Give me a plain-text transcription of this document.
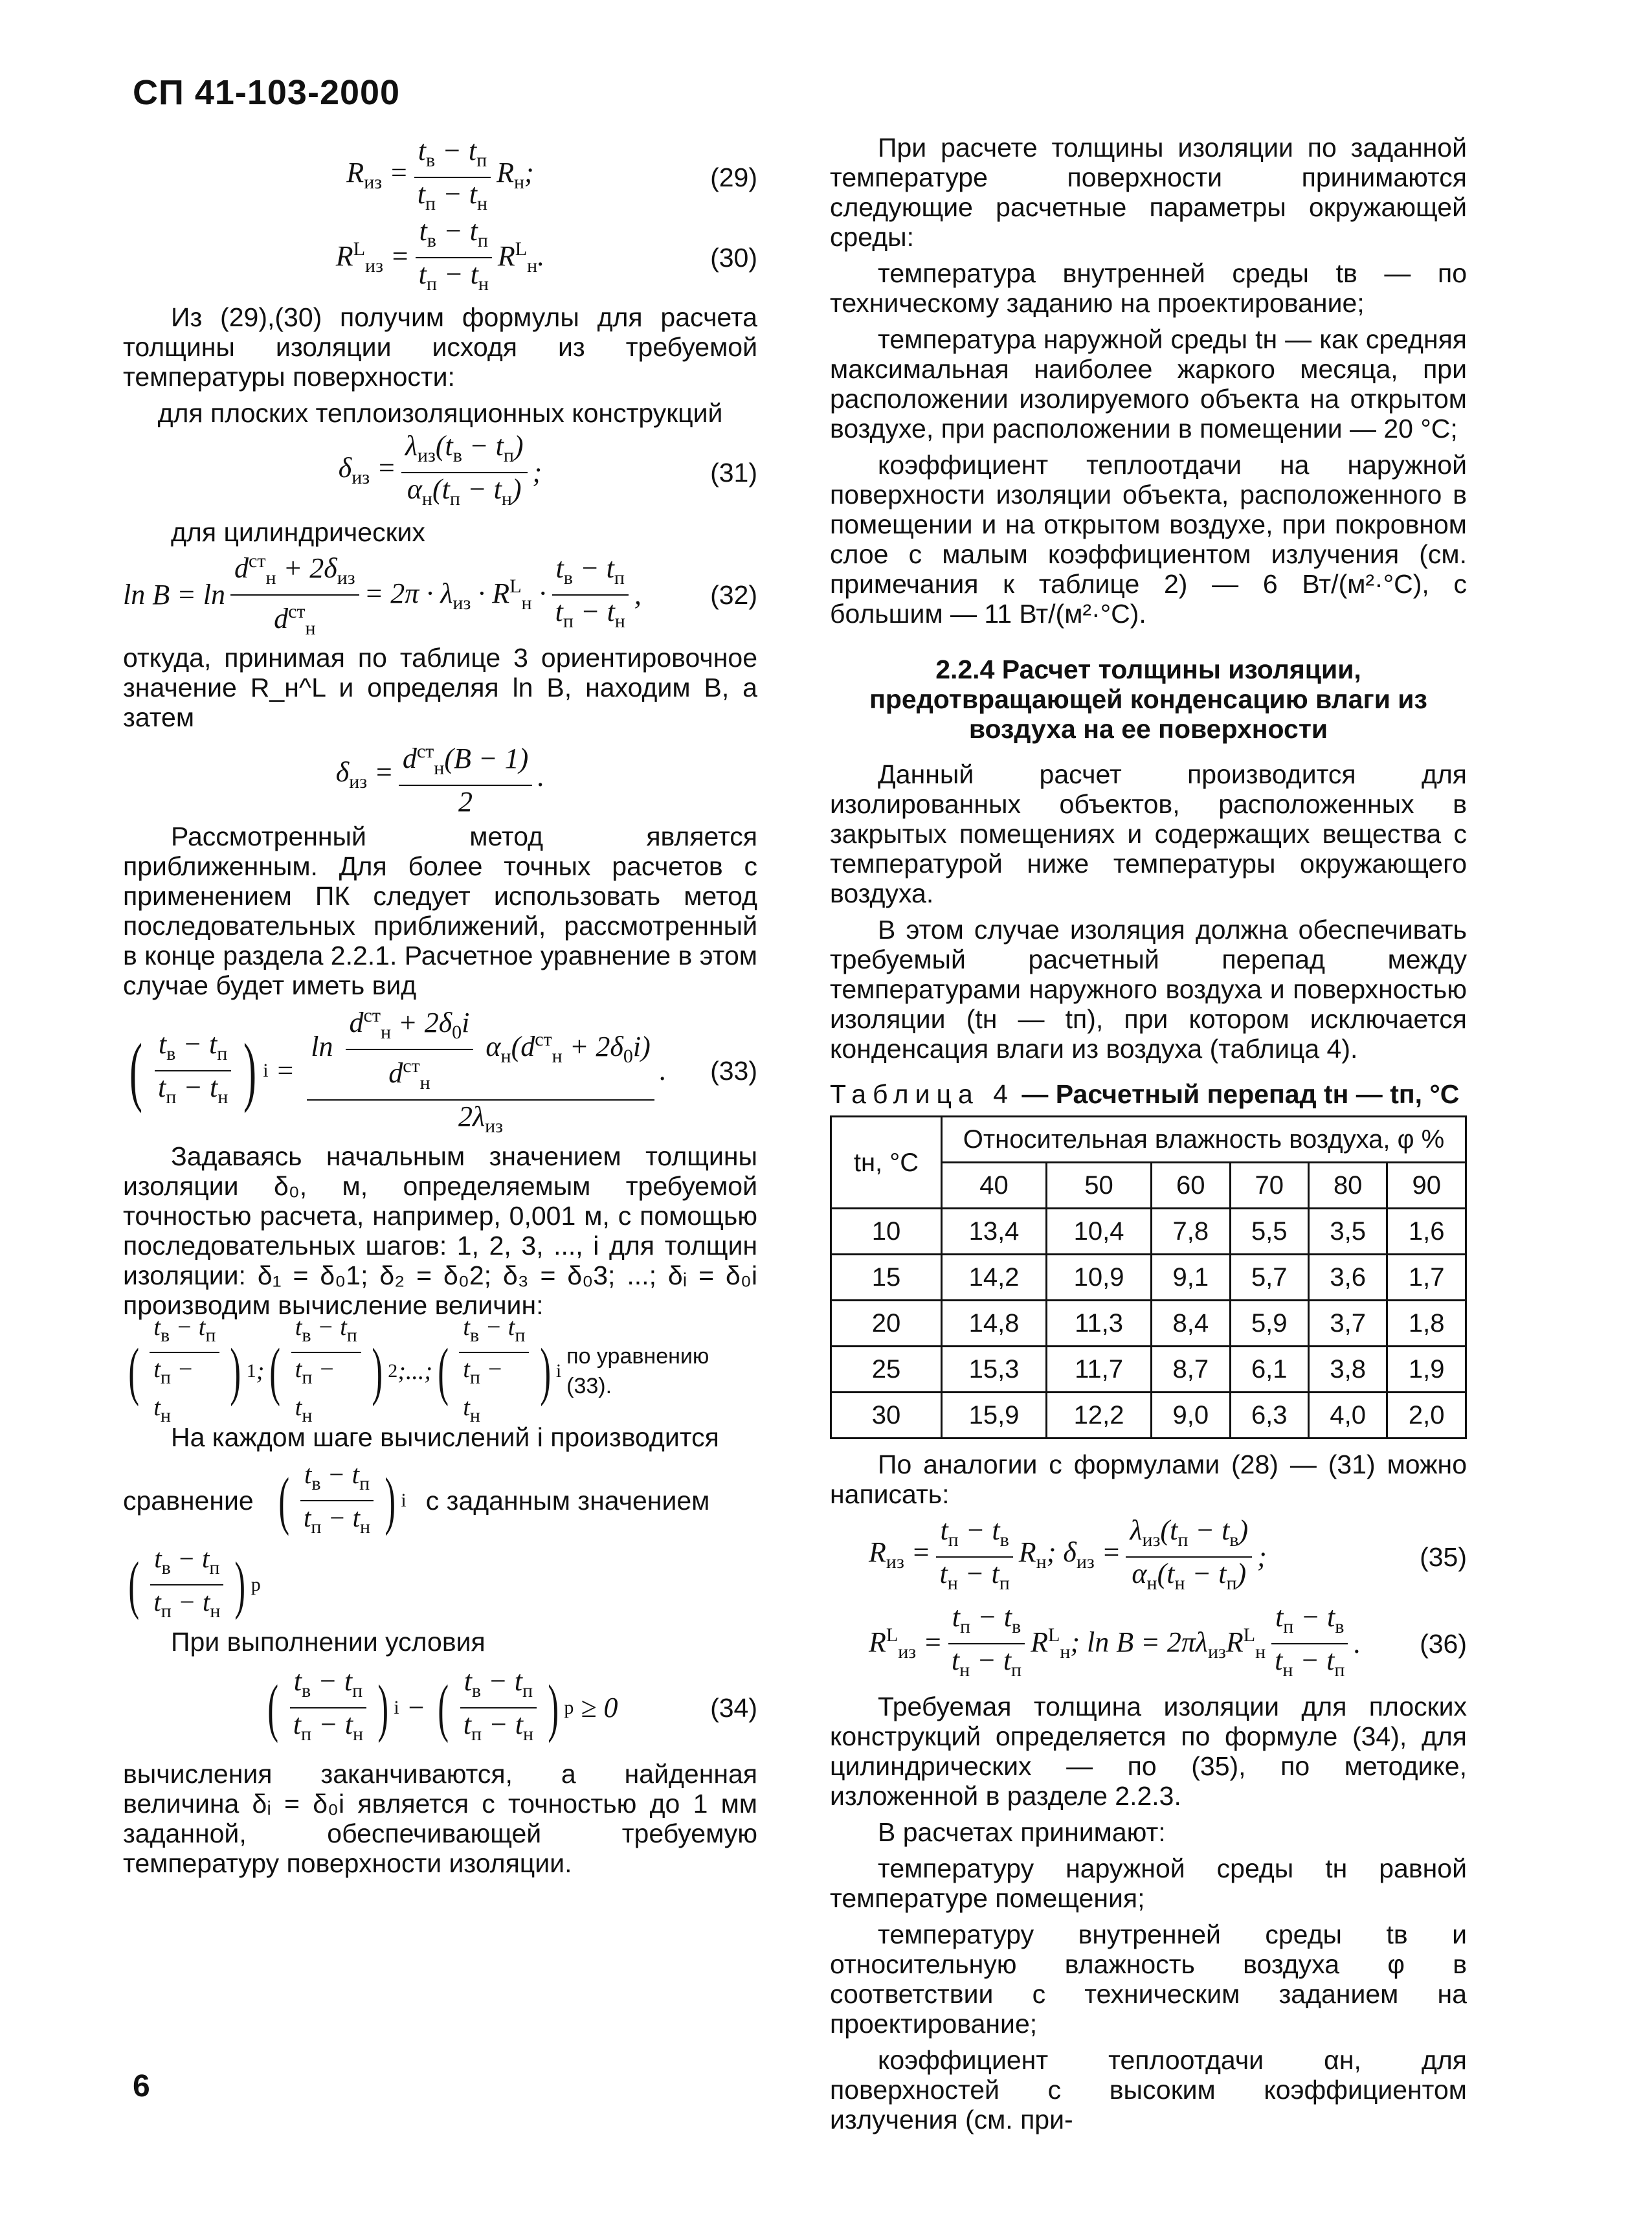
СП 41-103-2000
$R_{из} = \frac{t_в - t_п}{t_п - t_н} R_н$;	(29)
$R^L_{из} = \frac{t_в - t_п}{t_п - t_н} R^L_н$.	(30)

Из (29),(30) получим формулы для расчета толщины изоляции исходя из требуемой температуры поверхности:

для плоских теплоизоляционных конструкций

$\delta_{из} = \frac{\lambda_{из}(t_в - t_п)}{\alpha_н(t_п - t_н)}$ ;	(31)

для цилиндрических

$\ln B = \ln \frac{d^{ст}_н + 2\delta_{из}}{d^{ст}_н} = 2\pi \cdot \lambda_{из} \cdot R^L_н \cdot \frac{t_в - t_п}{t_п - t_н}$ ,	(32)

откуда, принимая по таблице 3 ориентировочное значение R_н^L и определяя ln B, находим B, а затем

$\delta_{из} = \frac{d^{ст}_н(B - 1)}{2}$ .

Рассмотренный метод является приближенным. Для более точных расчетов с применением ПК следует использовать метод последовательных приближений, рассмотренный в конце раздела 2.2.1. Расчетное уравнение в этом случае будет иметь вид

( $\frac{t_в - t_п}{t_п - t_н}$ ) $i = \frac{\ln \frac{d^{ст}_н + 2\delta_0i}{d^{ст}_н} \alpha_н(d^{ст}_н + 2\delta_0i)}{2\lambda_{из}}$ . (33)

Задаваясь начальным значением толщины изоляции δ₀, м, определяемым требуемой точностью расчета, например, 0,001 м, с помощью последовательных шагов: 1, 2, 3, ..., i для толщин изоляции: δ₁ = δ₀1; δ₂ = δ₀2; δ₃ = δ₀3; ...; δᵢ = δ₀i производим вычисление величин:

( $\frac{t_в - t_п}{t_п - t_н}$ ) 1 ; ( $\frac{t_в - t_п}{t_п - t_н}$ ) 2 ;...; ( $\frac{t_в - t_п}{t_п - t_н}$ ) i
по уравнению (33).

На каждом шаге вычислений i производится

сравнение ( $\frac{t_в - t_п}{t_п - t_н}$ ) i с заданным значением
( $\frac{t_в - t_п}{t_п - t_н}$ ) р

При выполнении условия

( $\frac{t_в - t_п}{t_п - t_н}$ ) i − ( $\frac{t_в - t_п}{t_п - t_н}$ ) р ≥ 0	(34)

вычисления заканчиваются, а найденная величина δᵢ = δ₀i является с точностью до 1 мм заданной, обеспечивающей требуемую температуру поверхности изоляции.

При расчете толщины изоляции по заданной температуре поверхности принимаются следующие расчетные параметры окружающей среды:

температура внутренней среды tв — по техническому заданию на проектирование;

температура наружной среды tн — как средняя максимальная наиболее жаркого месяца, при расположении изолируемого объекта на открытом воздухе, при расположении в помещении — 20 °С;

коэффициент теплоотдачи на наружной поверхности изоляции объекта, расположенного в помещении и на открытом воздухе, при покровном слое с малым коэффициентом излучения (см. примечания к таблице 2) — 6 Вт/(м²·°С), с большим — 11 Вт/(м²·°С).

2.2.4 Расчет толщины изоляции, предотвращающей конденсацию влаги из воздуха на ее поверхности

Данный расчет производится для изолированных объектов, расположенных в закрытых помещениях и содержащих вещества с температурой ниже температуры окружающего воздуха.

В этом случае изоляция должна обеспечивать требуемый расчетный перепад между температурами наружного воздуха и поверхностью изоляции (tн — tп), при котором исключается конденсация влаги из воздуха (таблица 4).

Таблица 4 — Расчетный перепад tн — tп, °С
tн, °С	Относительная влажность воздуха, φ %					
	40	50	60	70	80	90
10	13,4	10,4	7,8	5,5	3,5	1,6
15	14,2	10,9	9,1	5,7	3,6	1,7
20	14,8	11,3	8,4	5,9	3,7	1,8
25	15,3	11,7	8,7	6,1	3,8	1,9
30	15,9	12,2	9,0	6,3	4,0	2,0

По аналогии с формулами (28) — (31) можно написать:

$R_{из} = \frac{t_п - t_в}{t_н - t_п} R_н$; $\delta_{из} = \frac{\lambda_{из}(t_п - t_в)}{\alpha_н(t_н - t_п)}$ ;	(35)
$R^L_{из} = \frac{t_п - t_в}{t_н - t_п} R^L_н$; $\ln B = 2\pi\lambda_{из}R^L_н \frac{t_п - t_в}{t_н - t_п}$ . (36)

Требуемая толщина изоляции для плоских конструкций определяется по формуле (34), для цилиндрических — по (35), по методике, изложенной в разделе 2.2.3.

В расчетах принимают:

температуру наружной среды tн равной температуре помещения;

температуру внутренней среды tв и относительную влажность воздуха φ в соответствии с техническим заданием на проектирование;

коэффициент теплоотдачи αн, для поверхностей с высоким коэффициентом излучения (см. при-

6
